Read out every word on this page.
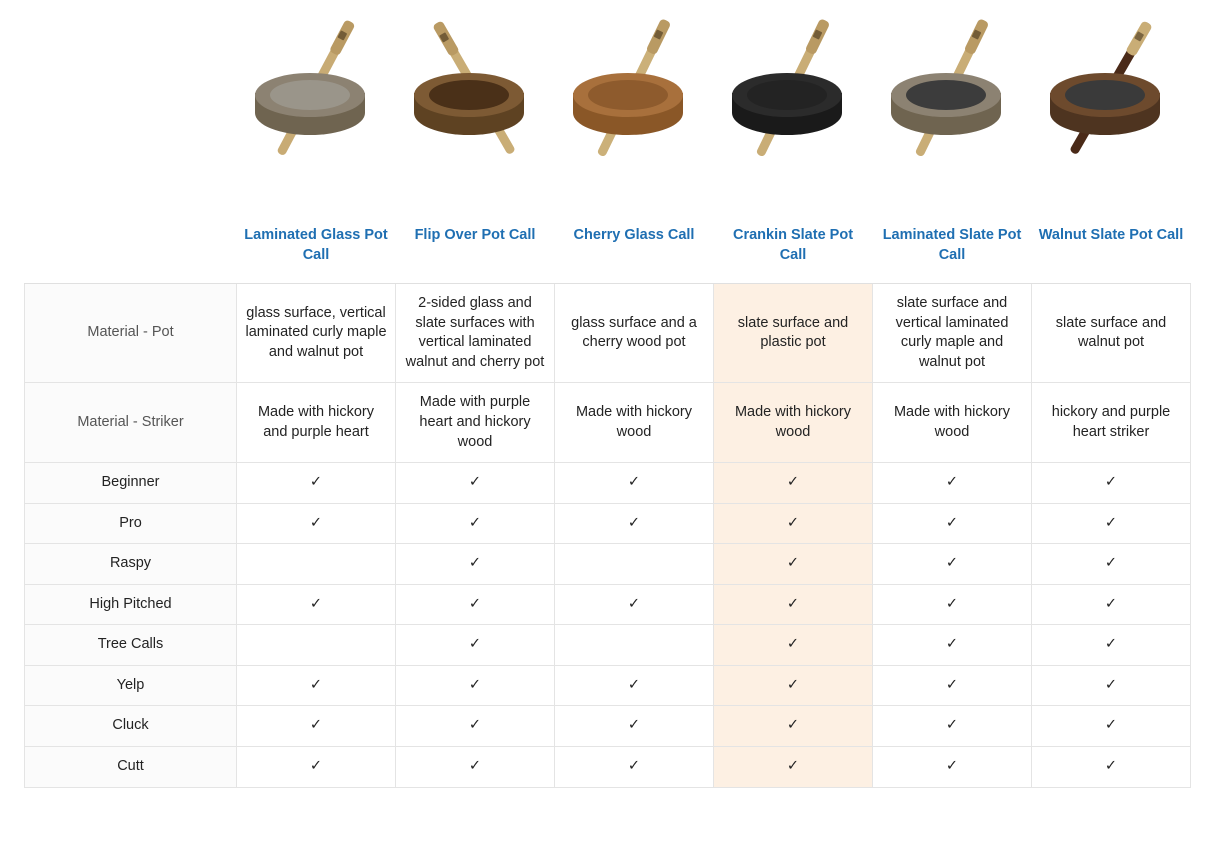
	Laminated Glass Pot Call	Flip Over Pot Call	Cherry Glass Call	Crankin Slate Pot Call	Laminated Slate Pot Call	Walnut Slate Pot Call
Material - Pot	glass surface, vertical laminated curly maple and walnut pot	2-sided glass and slate surfaces with vertical laminated walnut and cherry pot	glass surface and a cherry wood pot	slate surface and plastic pot	slate surface and vertical laminated curly maple and walnut pot	slate surface and walnut pot
Material - Striker	Made with hickory and purple heart	Made with purple heart and hickory wood	Made with hickory wood	Made with hickory wood	Made with hickory wood	hickory and purple heart striker
Beginner	✓	✓	✓	✓	✓	✓
Pro	✓	✓	✓	✓	✓	✓
Raspy		✓		✓	✓	✓
High Pitched	✓	✓	✓	✓	✓	✓
Tree Calls		✓		✓	✓	✓
Yelp	✓	✓	✓	✓	✓	✓
Cluck	✓	✓	✓	✓	✓	✓
Cutt	✓	✓	✓	✓	✓	✓
